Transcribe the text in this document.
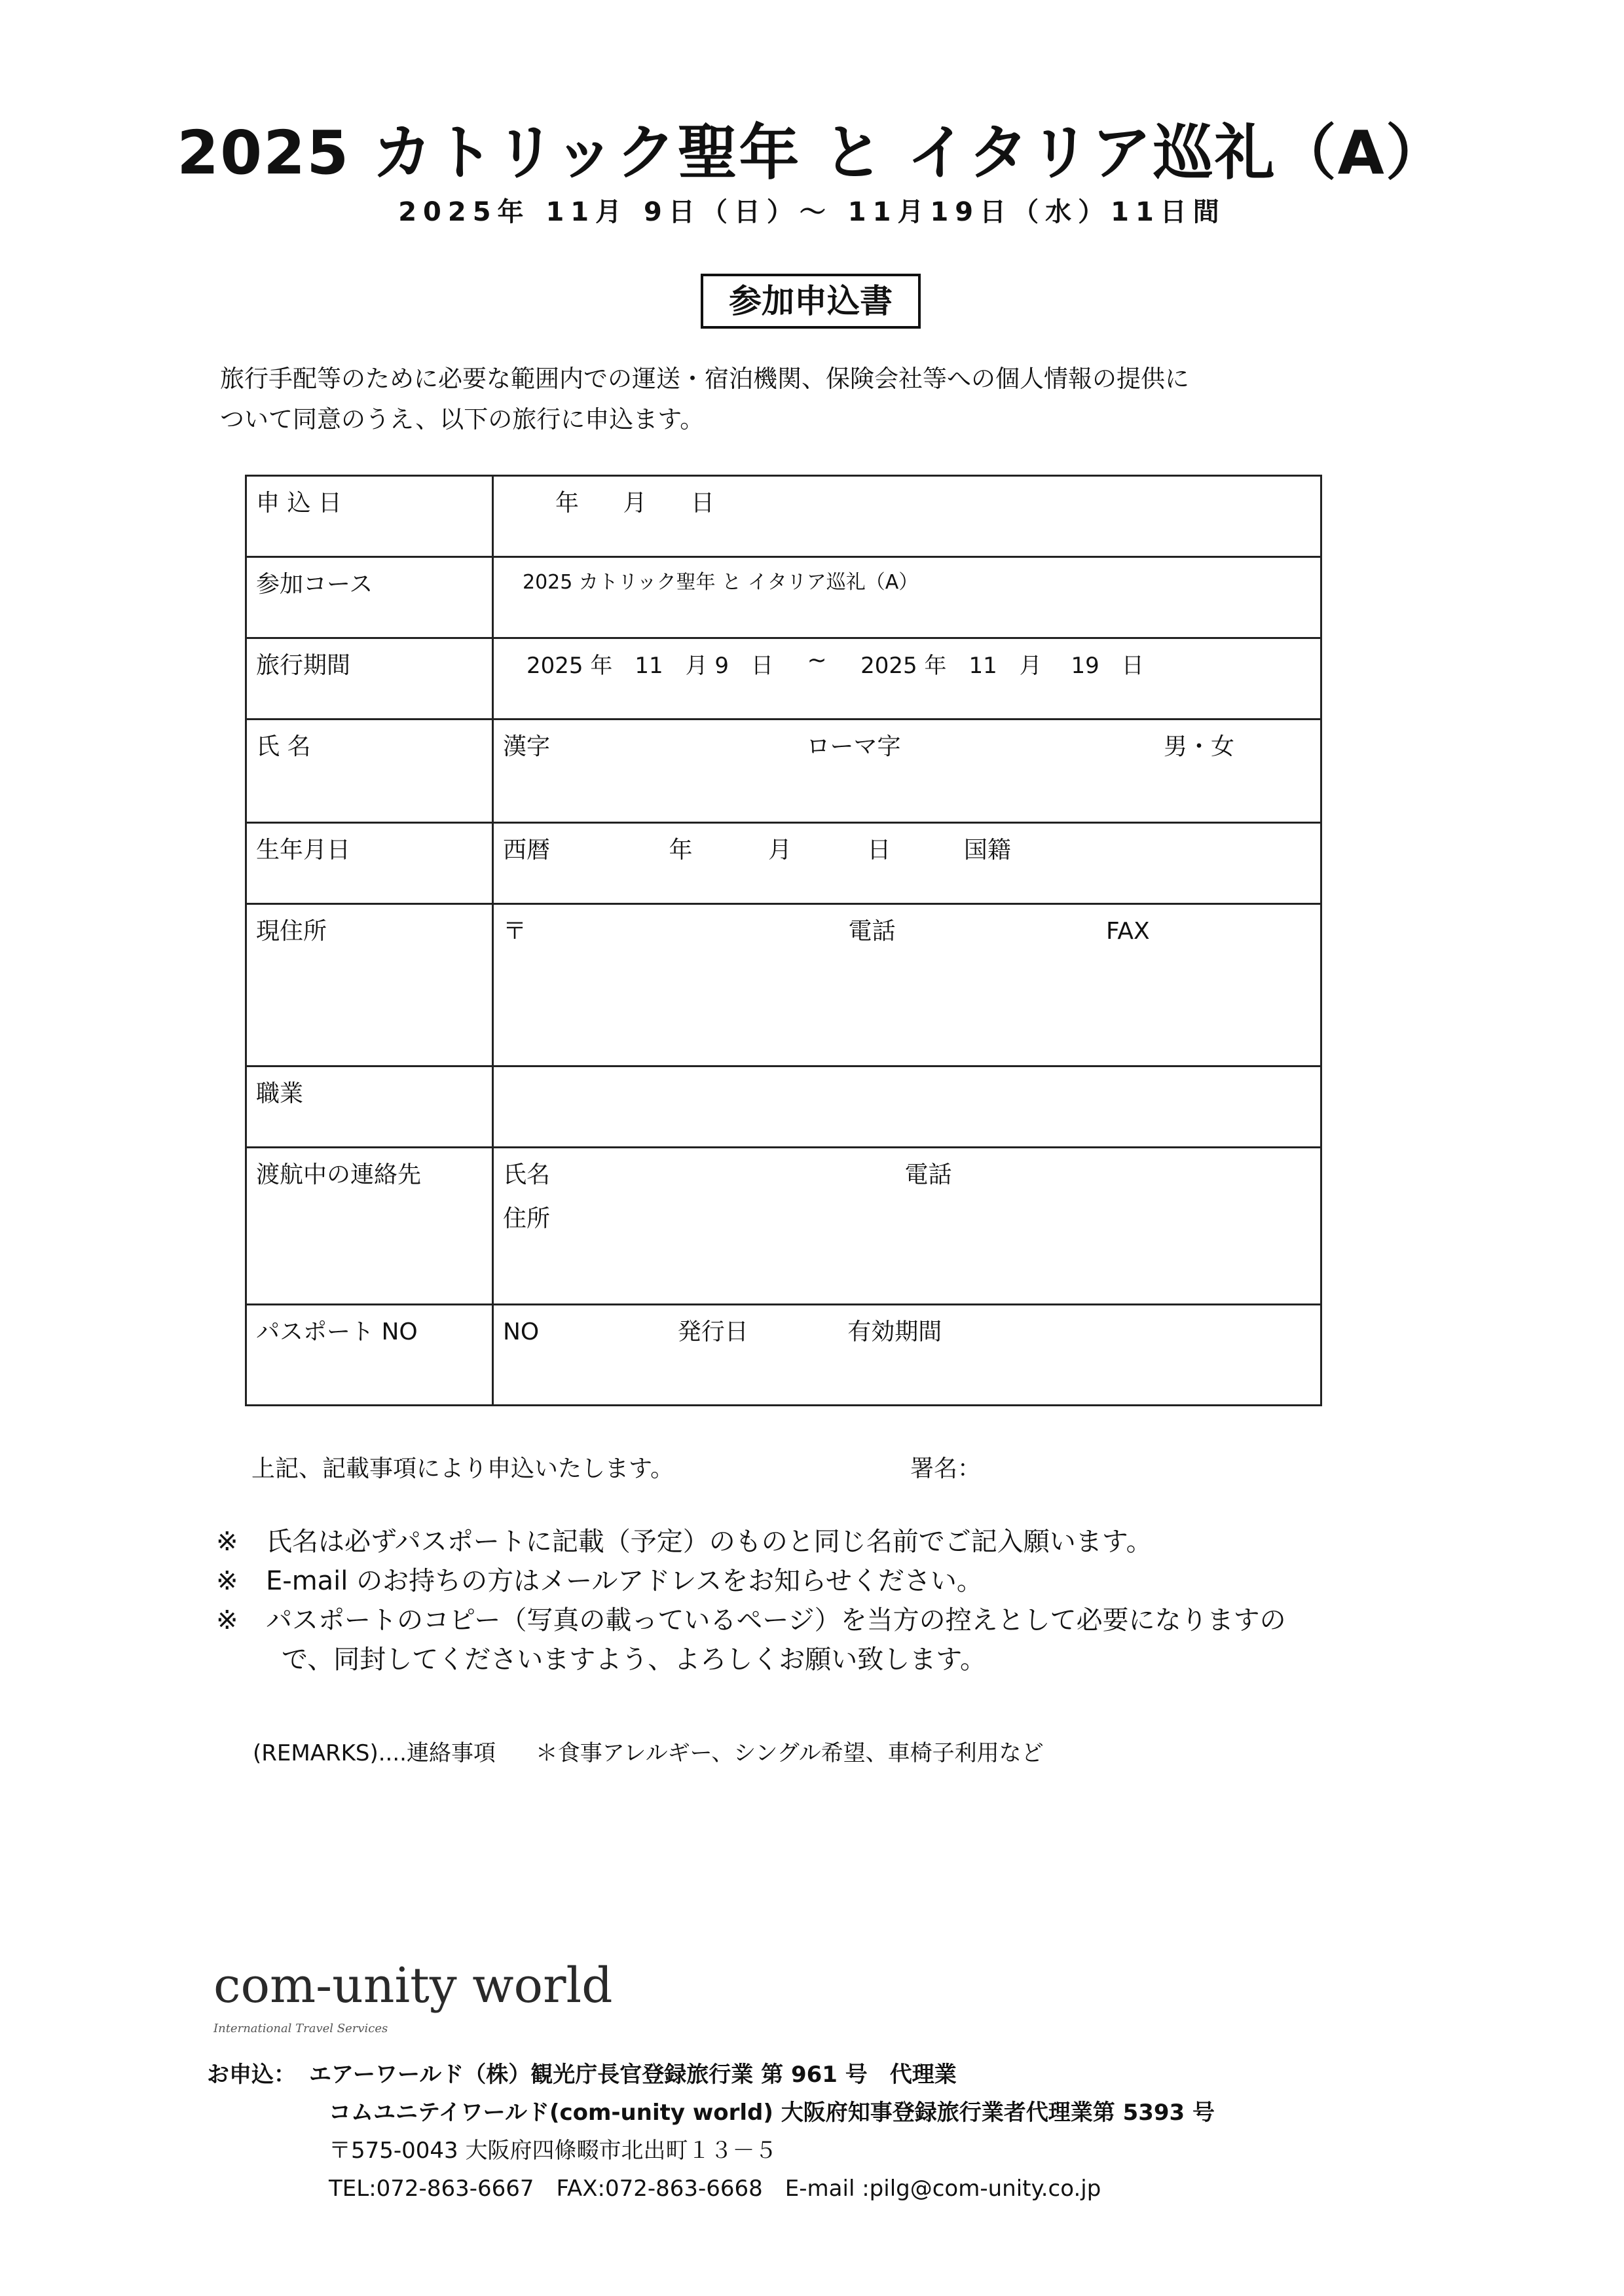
2025 カトリック聖年 と イタリア巡礼（A）
2025年 11月 9日（日）～ 11月19日（水）11日間
参加申込書
旅行手配等のために必要な範囲内での運送・宿泊機関、保険会社等への個人情報の提供に
ついて同意のうえ、以下の旅行に申込ます。
申 込 日	年 月 日
参加コース	2025 カトリック聖年 と イタリア巡礼（A）
旅行期間	2025 年　11　月 9　日 ~ 2025 年　11　月　 19　日
氏 名	漢字 ローマ字 男・女
生年月日	西暦 年 月 日 国籍
現住所	〒 電話 FAX
職業	
渡航中の連絡先	氏名 電話
住所

パスポート NO	NO 発行日 有効期間
上記、記載事項により申込いたします。	署名：
※ 氏名は必ずパスポートに記載（予定）のものと同じ名前でご記入願います。
※ E-mail のお持ちの方はメールアドレスをお知らせください。
※ パスポートのコピー（写真の載っているページ）を当方の控えとして必要になりますの
で、同封してくださいますよう、よろしくお願い致します。
(REMARKS)....連絡事項 ＊食事アレルギー、シングル希望、車椅子利用など
com-unity world
International Travel Services
お申込： エアーワールド（株）観光庁長官登録旅行業 第 961 号　代理業
コムユニテイワールド(com-unity world) 大阪府知事登録旅行業者代理業第 5393 号
〒575-0043 大阪府四條畷市北出町１３－５
TEL:072-863-6667　FAX:072-863-6668　E-mail :pilg@com-unity.co.jp
